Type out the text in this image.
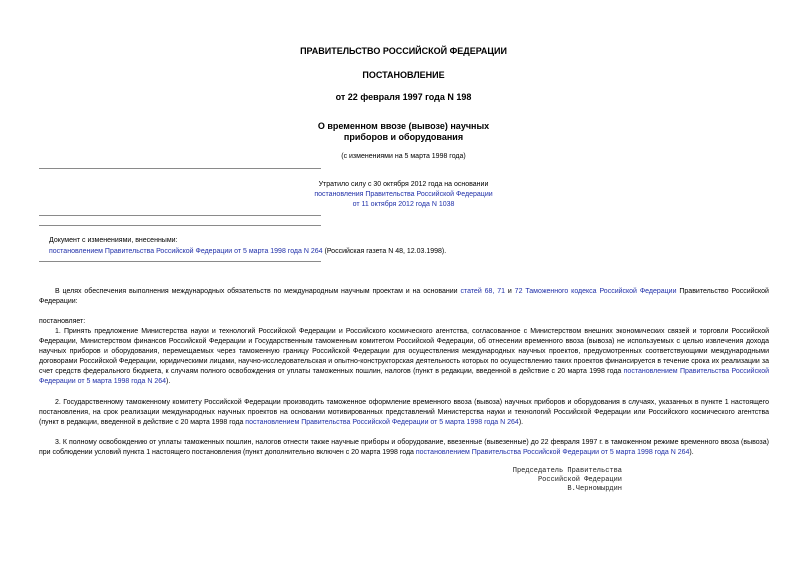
ПРАВИТЕЛЬСТВО РОССИЙСКОЙ ФЕДЕРАЦИИ
ПОСТАНОВЛЕНИЕ
от 22 февраля 1997 года N 198
О временном ввозе (вывозе) научных
приборов и оборудования
(с изменениями на 5 марта 1998 года)
Утратило силу с 30 октября 2012 года на основании
постановления Правительства Российской Федерации
от 11 октября 2012 года N 1038
Документ с изменениями, внесенными:
постановлением Правительства Российской Федерации от 5 марта 1998 года N 264 (Российская газета N 48, 12.03.1998).
В целях обеспечения выполнения международных обязательств по международным научным проектам и на основании статей 68, 71 и 72 Таможенного кодекса Российской Федерации Правительство Российской Федерации:
постановляет:
1. Принять предложение Министерства науки и технологий Российской Федерации и Российского космического агентства, согласованное с Министерством внешних экономических связей и торговли Российской Федерации, Министерством финансов Российской Федерации и Государственным таможенным комитетом Российской Федерации, об отнесении временного ввоза (вывоза) не используемых с целью извлечения дохода научных приборов и оборудования, перемещаемых через таможенную границу Российской Федерации для осуществления международных научных проектов, предусмотренных соответствующими международными договорами Российской Федерации, юридическими лицами, научно-исследовательская и опытно-конструкторская деятельность которых по осуществлению таких проектов финансируется в течение срока их реализации за счет средств федерального бюджета, к случаям полного освобождения от уплаты таможенных пошлин, налогов (пункт в редакции, введенной в действие с 20 марта 1998 года постановлением Правительства Российской Федерации от 5 марта 1998 года N 264).
2. Государственному таможенному комитету Российской Федерации производить таможенное оформление временного ввоза (вывоза) научных приборов и оборудования в случаях, указанных в пункте 1 настоящего постановления, на срок реализации международных научных проектов на основании мотивированных представлений Министерства науки и технологий Российской Федерации или Российского космического агентства (пункт в редакции, введенной в действие с 20 марта 1998 года постановлением Правительства Российской Федерации от 5 марта 1998 года N 264).
3. К полному освобождению от уплаты таможенных пошлин, налогов отнести также научные приборы и оборудование, ввезенные (вывезенные) до 22 февраля 1997 г. в таможенном режиме временного ввоза (вывоза) при соблюдении условий пункта 1 настоящего постановления (пункт дополнительно включен с 20 марта 1998 года постановлением Правительства Российской Федерации от 5 марта 1998 года N 264).
Председатель Правительства
Российской Федерации
В.Черномырдин
